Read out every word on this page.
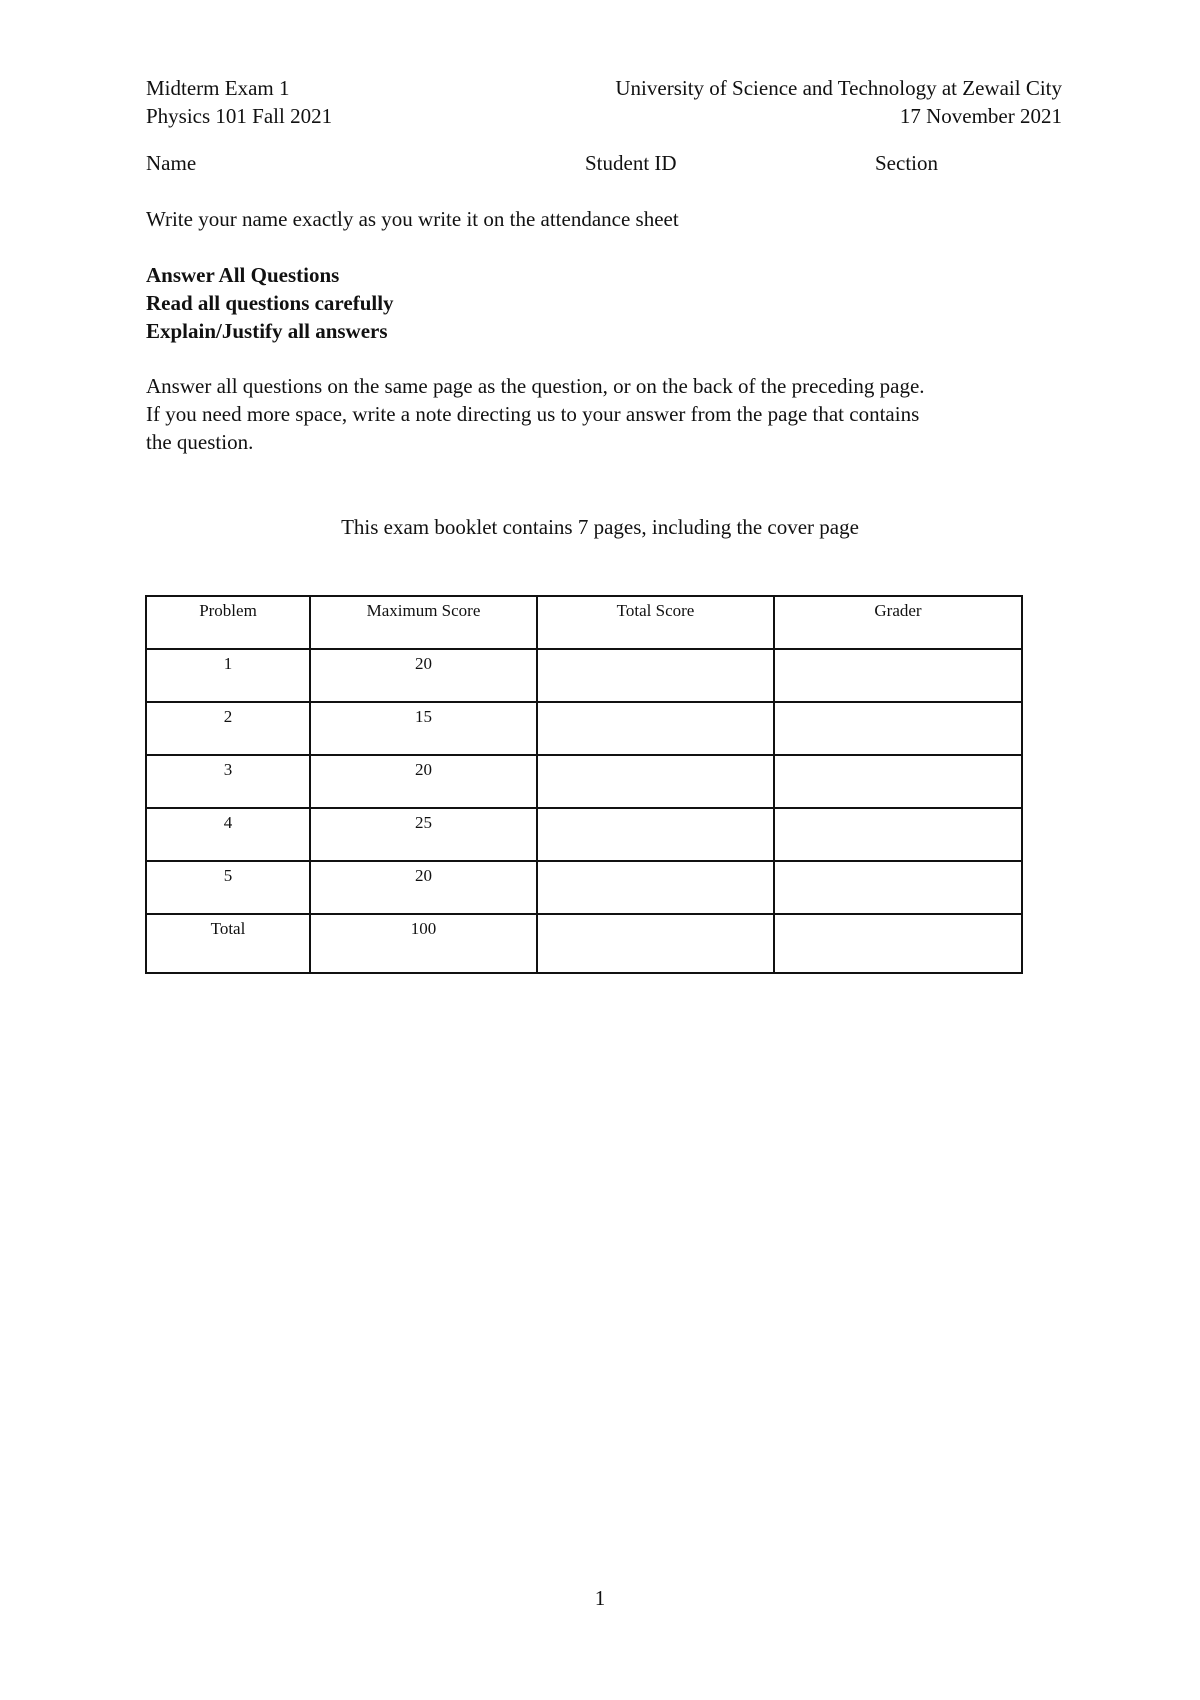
Midterm Exam 1
Physics 101 Fall 2021
University of Science and Technology at Zewail City
17 November 2021
Name	Student ID	Section
Write your name exactly as you write it on the attendance sheet
Answer All Questions
Read all questions carefully
Explain/Justify all answers
Answer all questions on the same page as the question, or on the back of the preceding page.
If you need more space, write a note directing us to your answer from the page that contains
the question.
This exam booklet contains 7 pages, including the cover page
Problem	Maximum Score	Total Score	Grader
1	20		
2	15		
3	20		
4	25		
5	20		
Total	100		
1
